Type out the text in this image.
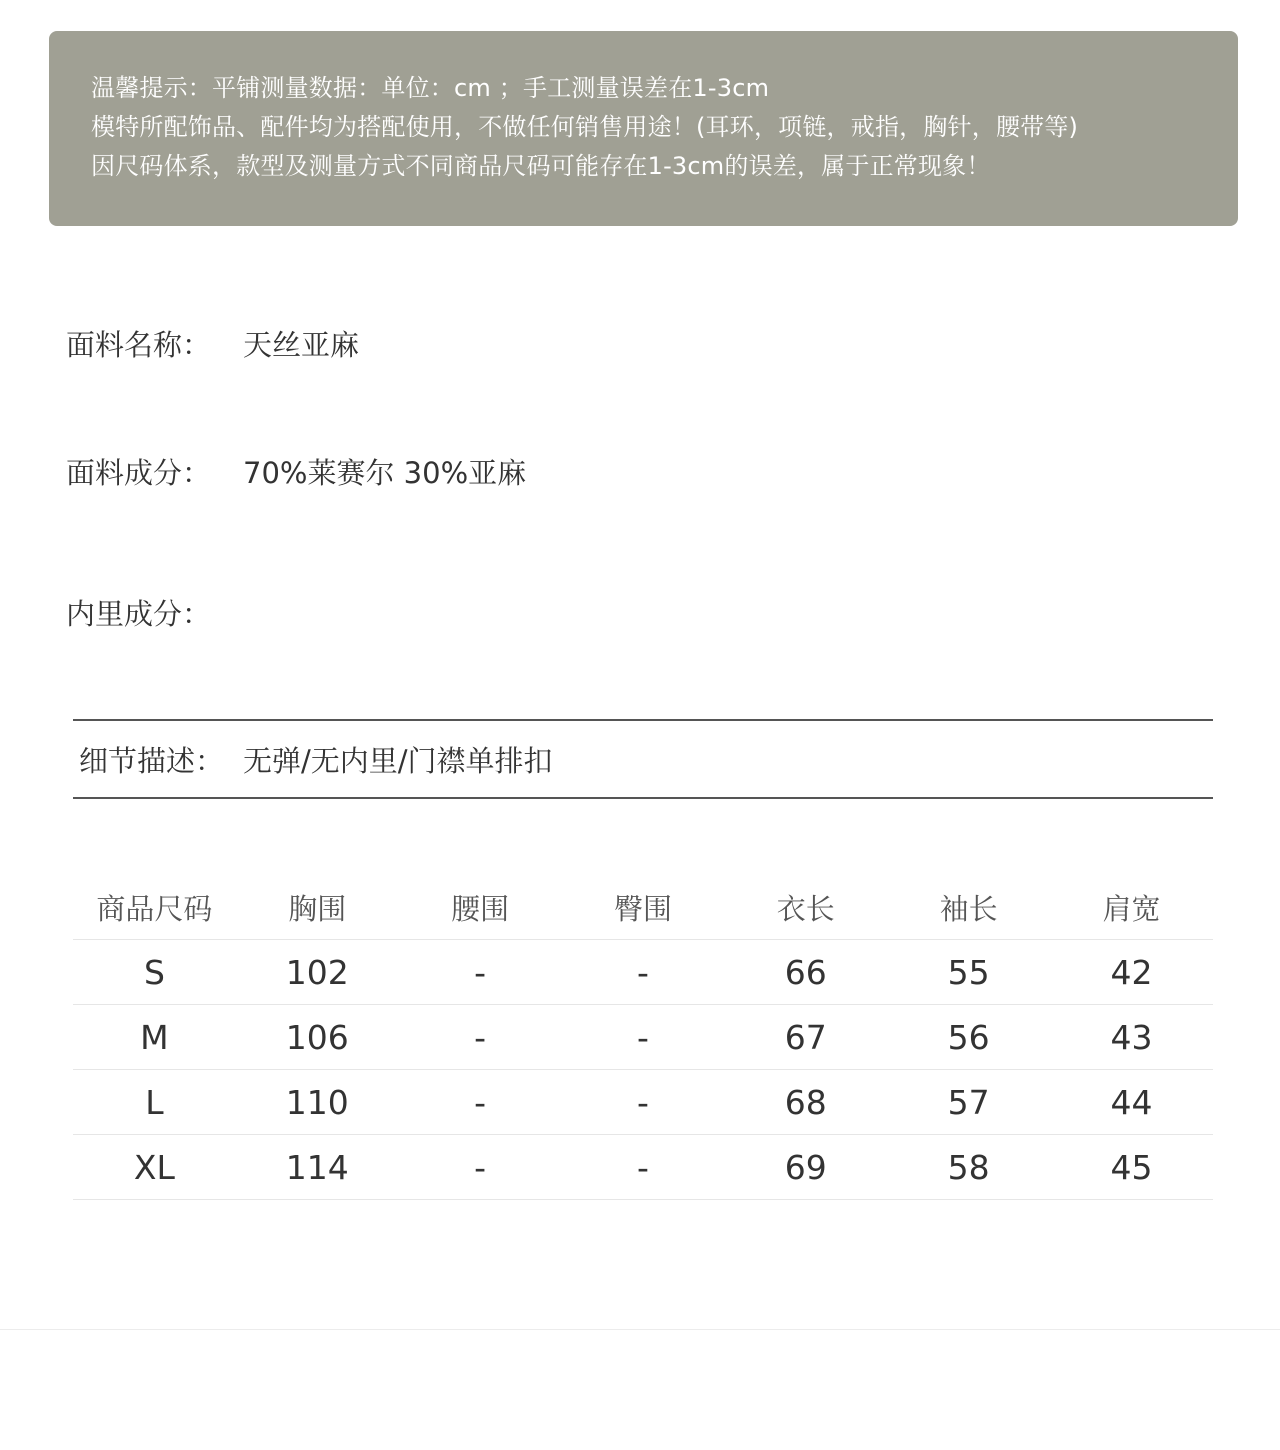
温馨提示：平铺测量数据：单位：cm ；手工测量误差在1-3cm
模特所配饰品、配件均为搭配使用，不做任何销售用途！(耳环，项链，戒指，胸针，腰带等)
因尺码体系，款型及测量方式不同商品尺码可能存在1-3cm的误差，属于正常现象！
面料名称：	天丝亚麻
面料成分：	70%莱赛尔 30%亚麻
内里成分：
细节描述： 无弹/无内里/门襟单排扣
商品尺码	胸围	腰围	臀围	衣长	袖长	肩宽
S	102	-	-	66	55	42
M	106	-	-	67	56	43
L	110	-	-	68	57	44
XL	114	-	-	69	58	45
